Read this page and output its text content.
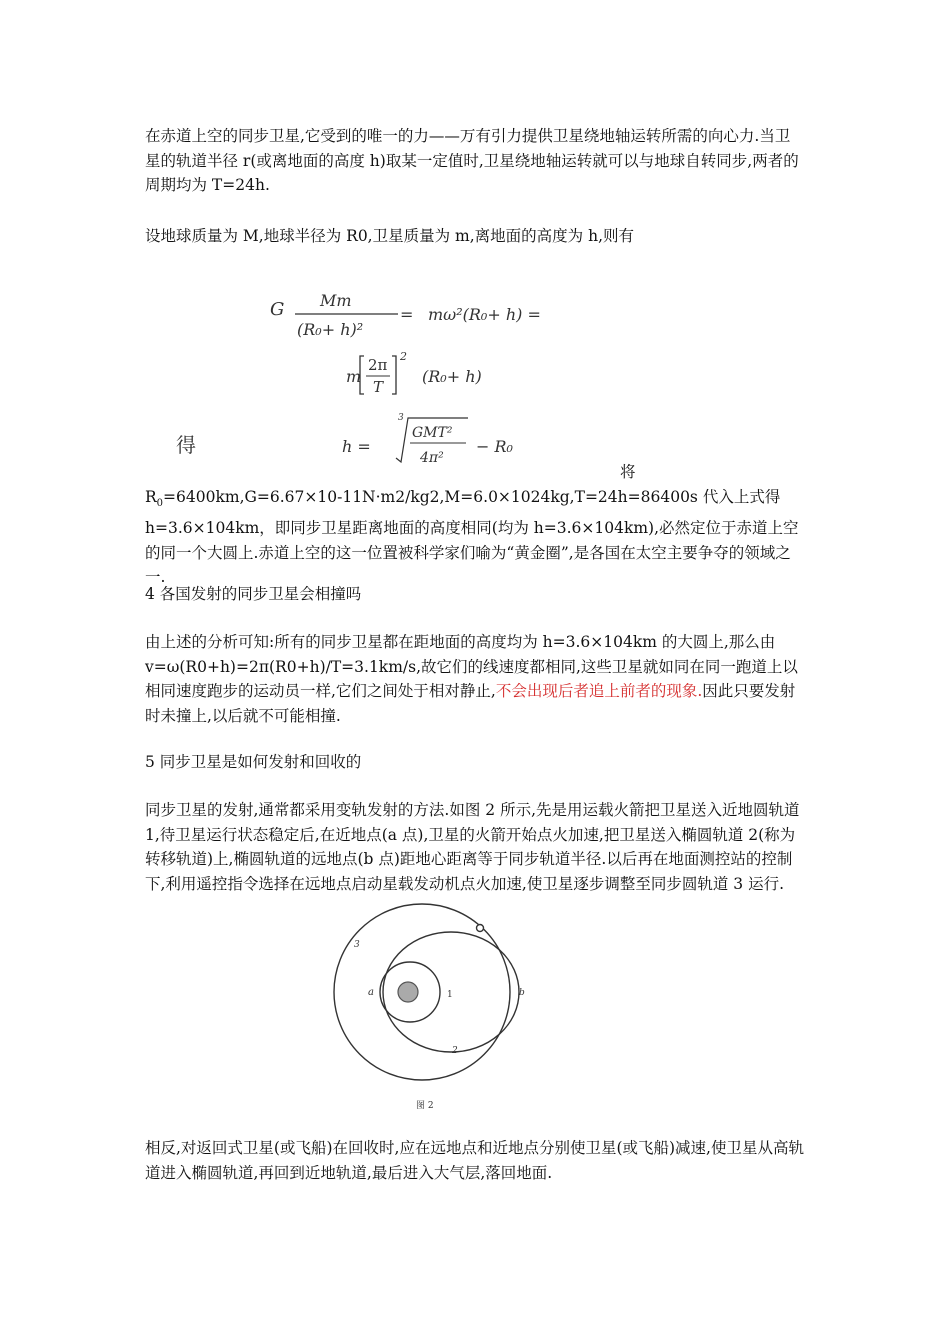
在赤道上空的同步卫星,它受到的唯一的力——万有引力提供卫星绕地轴运转所需的向心力.当卫星的轨道半径 r(或离地面的高度 h)取某一定值时,卫星绕地轴运转就可以与地球自转同步,两者的周期均为 T=24h.

设地球质量为 M,地球半径为 R0,卫星质量为 m,离地面的高度为 h,则有

G Mm
(R₀+ h)²
= mω²(R₀+ h) =
m
2π
T
2
(R₀+ h)
得	h =
3
GMT²
4π²
− R₀
将 $R_0=6400km,G=6.67\times 10-11N\cdot m2/kg2,M=6.0\times 1024kg,T=24h=86400s$ 代入上式得 h=3.6×104km，即同步卫星距离地面的高度相同(均为 h=3.6×104km),必然定位于赤道上空的同一个大圆上.赤道上空的这一位置被科学家们喻为“黄金圈”,是各国在太空主要争夺的领域之一.

4 各国发射的同步卫星会相撞吗

由上述的分析可知:所有的同步卫星都在距地面的高度均为 h=3.6×104km 的大圆上,那么由 v=ω(R0+h)=2π(R0+h)/T=3.1km/s,故它们的线速度都相同,这些卫星就如同在同一跑道上以相同速度跑步的运动员一样,它们之间处于相对静止,不会出现后者追上前者的现象.因此只要发射时未撞上,以后就不可能相撞.

5 同步卫星是如何发射和回收的

同步卫星的发射,通常都采用变轨发射的方法.如图 2 所示,先是用运载火箭把卫星送入近地圆轨道 1,待卫星运行状态稳定后,在近地点(a 点),卫星的火箭开始点火加速,把卫星送入椭圆轨道 2(称为转移轨道)上,椭圆轨道的远地点(b 点)距地心距离等于同步轨道半径.以后再在地面测控站的控制下,利用遥控指令选择在远地点启动星载发动机点火加速,使卫星逐步调整至同步圆轨道 3 运行.

3
a	1	b
2
图 2

相反,对返回式卫星(或飞船)在回收时,应在远地点和近地点分别使卫星(或飞船)减速,使卫星从高轨道进入椭圆轨道,再回到近地轨道,最后进入大气层,落回地面.
